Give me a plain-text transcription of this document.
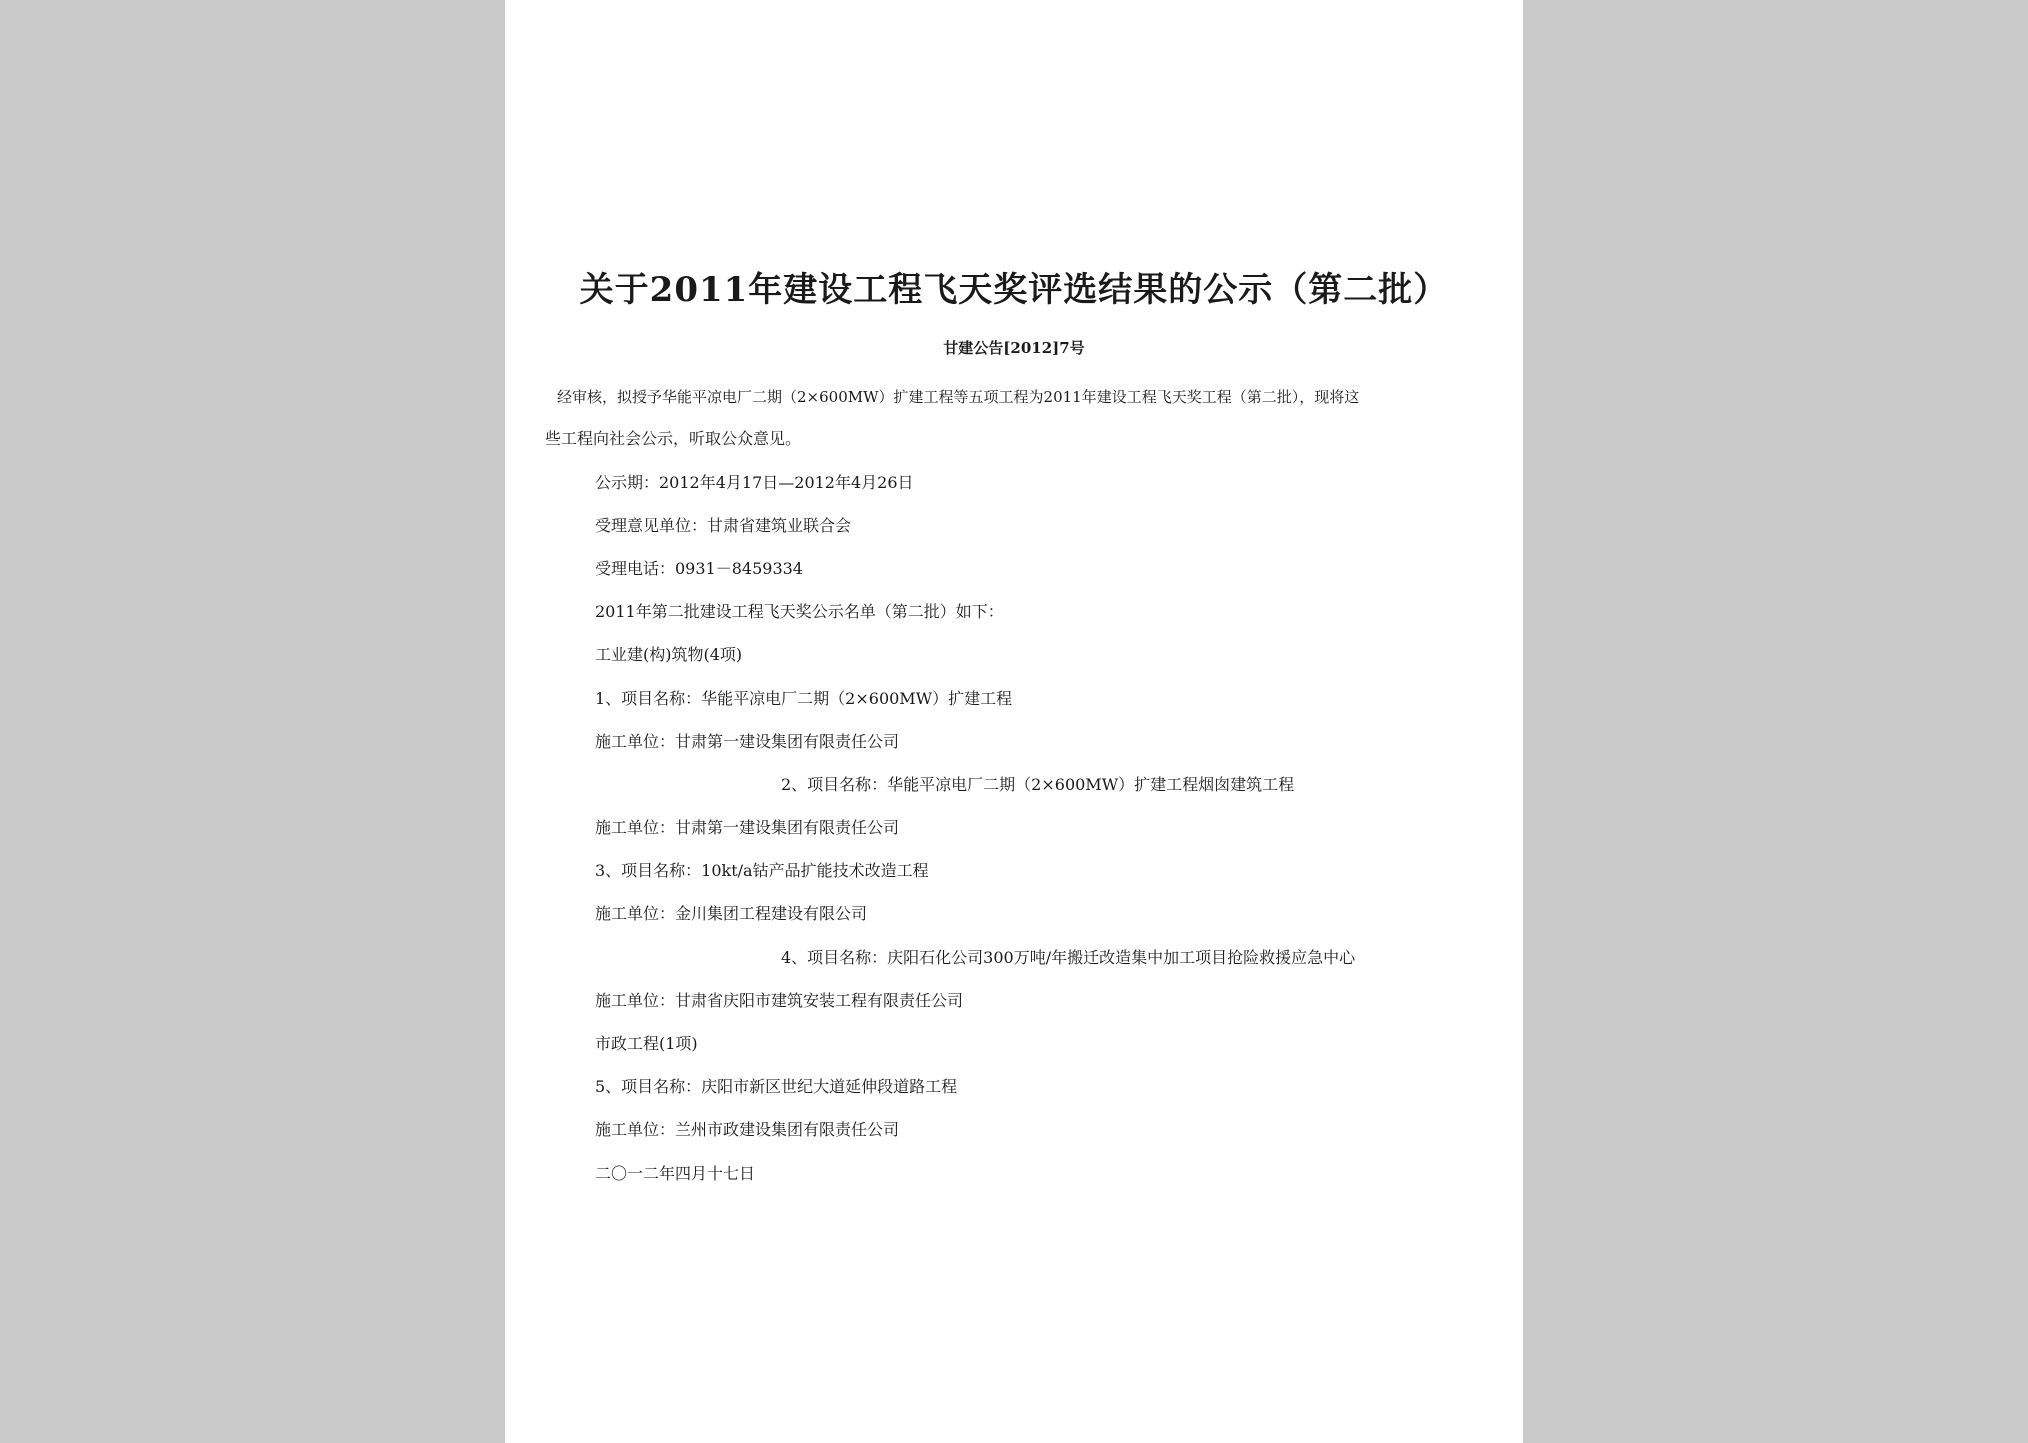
关于2011年建设工程飞天奖评选结果的公示（第二批）
甘建公告[2012]7号
经审核，拟授予华能平凉电厂二期（2×600MW）扩建工程等五项工程为2011年建设工程飞天奖工程（第二批），现将这
些工程向社会公示，听取公众意见。
公示期：2012年4月17日—2012年4月26日
受理意见单位：甘肃省建筑业联合会
受理电话：0931－8459334
2011年第二批建设工程飞天奖公示名单（第二批）如下：
工业建(构)筑物(4项)
1、项目名称：华能平凉电厂二期（2×600MW）扩建工程
施工单位：甘肃第一建设集团有限责任公司
2、项目名称：华能平凉电厂二期（2×600MW）扩建工程烟囱建筑工程
施工单位：甘肃第一建设集团有限责任公司
3、项目名称：10kt/a钴产品扩能技术改造工程
施工单位：金川集团工程建设有限公司
4、项目名称：庆阳石化公司300万吨/年搬迁改造集中加工项目抢险救援应急中心
施工单位：甘肃省庆阳市建筑安装工程有限责任公司
市政工程(1项)
5、项目名称：庆阳市新区世纪大道延伸段道路工程
施工单位：兰州市政建设集团有限责任公司
二〇一二年四月十七日
